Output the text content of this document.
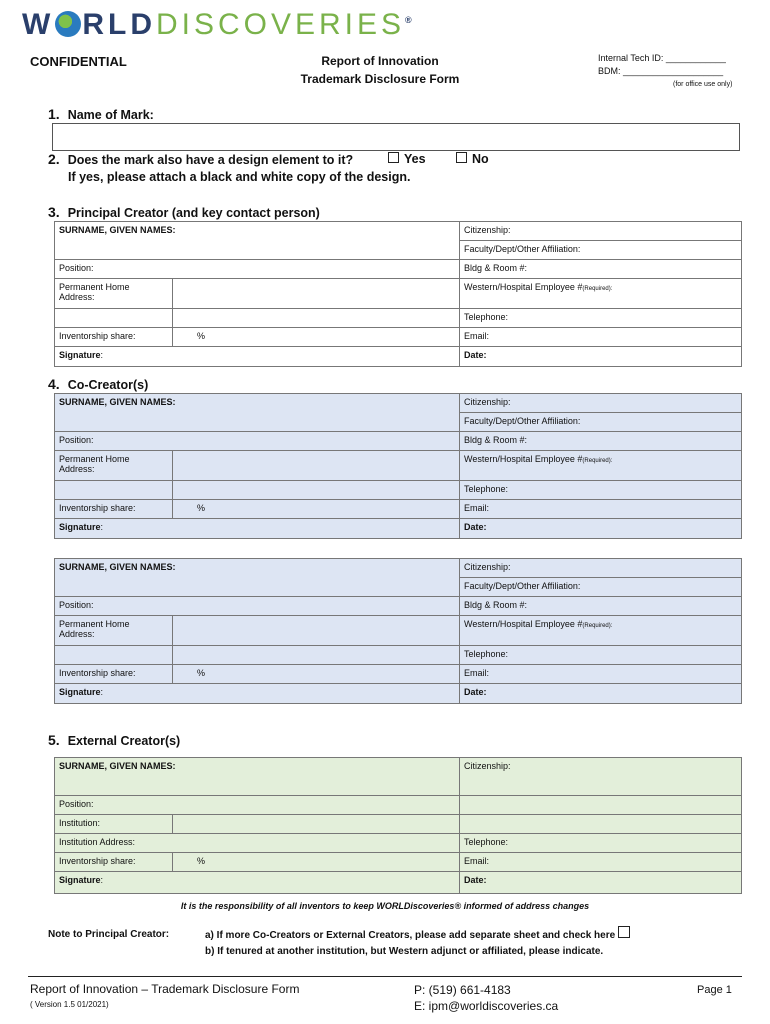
W RLDDISCOVERIES®
CONFIDENTIAL	Report of Innovation
Trademark Disclosure Form
Internal Tech ID: ____________
BDM: ____________________
(for office use only)
1. Name of Mark:
2. Does the mark also have a design element to it?	Yes	No
If yes, please attach a black and white copy of the design.
3. Principal Creator (and key contact person)
SURNAME, GIVEN NAMES:		Citizenship:
		Faculty/Dept/Other Affiliation:
Position:		Bldg & Room #:

Permanent Home
Address:		Western/Hospital Employee #(Required):
		Telephone:
Inventorship share:	%	Email:
Signature:		Date:
4. Co-Creator(s)
SURNAME, GIVEN NAMES:		Citizenship:
		Faculty/Dept/Other Affiliation:
Position:		Bldg & Room #:

Permanent Home
Address:		Western/Hospital Employee #(Required):
		Telephone:
Inventorship share:	%	Email:
Signature:		Date:
SURNAME, GIVEN NAMES:		Citizenship:
		Faculty/Dept/Other Affiliation:
Position:		Bldg & Room #:

Permanent Home
Address:		Western/Hospital Employee #(Required):
		Telephone:
Inventorship share:	%	Email:
Signature:		Date:
5. External Creator(s)
SURNAME, GIVEN NAMES:		Citizenship:
Position:		
Institution:		
Institution Address:		Telephone:
Inventorship share:	%	Email:
Signature:		Date:
It is the responsibility of all inventors to keep WORLDiscoveries® informed of address changes
Note to Principal Creator:	a) If more Co-Creators or External Creators, please add separate sheet and check here
b) If tenured at another institution, but Western adjunct or affiliated, please indicate.
Report of Innovation – Trademark Disclosure Form
( Version 1.5 01/2021)
P: (519) 661-4183
E: ipm@worldiscoveries.ca
Page 1
